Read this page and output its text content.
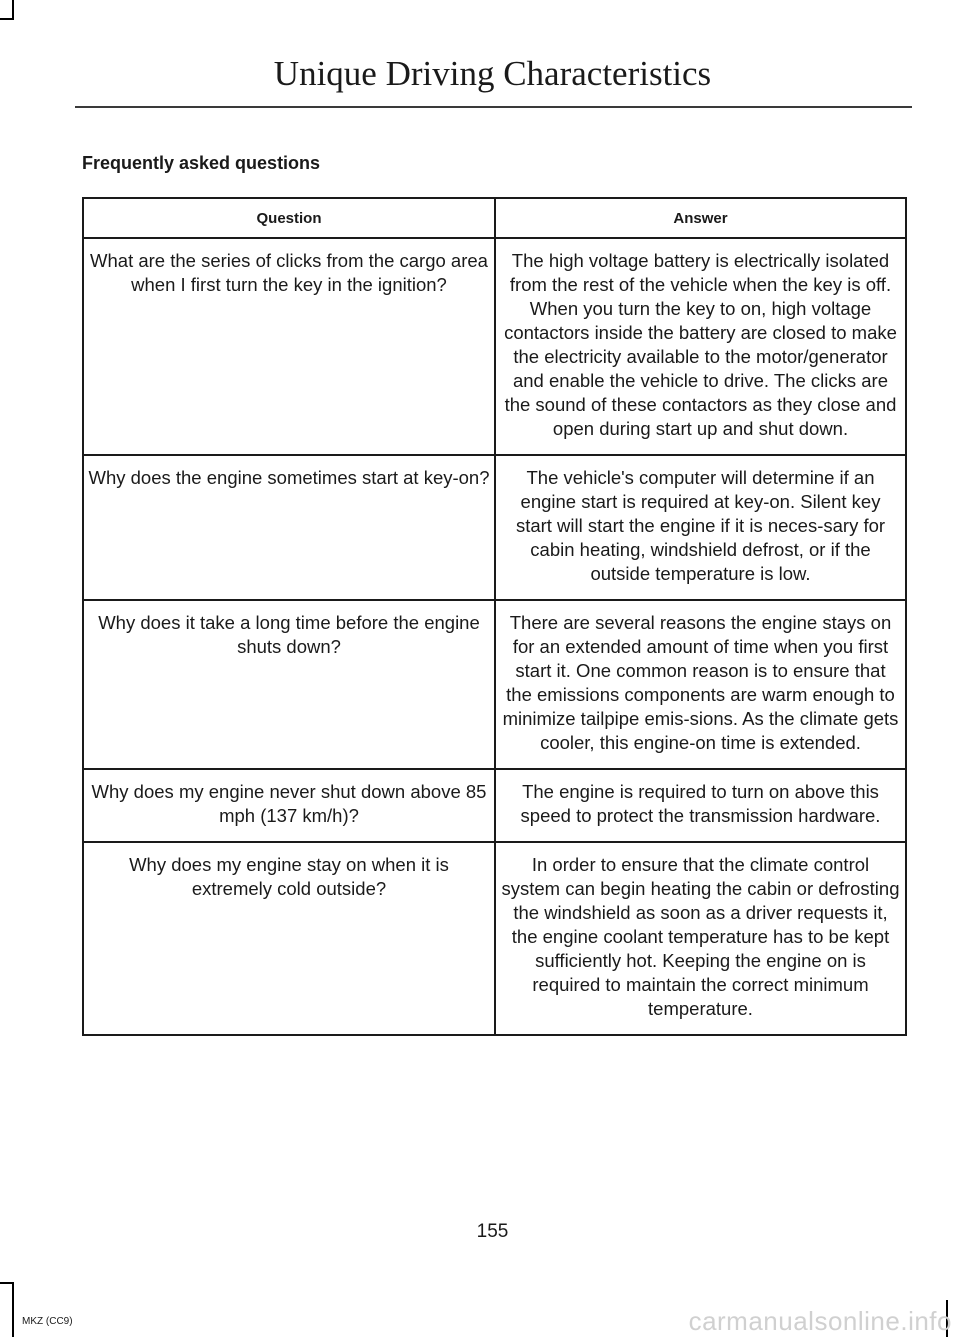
Unique Driving Characteristics
Frequently asked questions
Question	Answer
What are the series of clicks from the cargo area when I first turn the key in the ignition?	The high voltage battery is electrically isolated from the rest of the vehicle when the key is off. When you turn the key to on, high voltage contactors inside the battery are closed to make the electricity available to the motor/generator and enable the vehicle to drive. The clicks are the sound of these contactors as they close and open during start up and shut down.
Why does the engine sometimes start at key-on?	The vehicle's computer will determine if an engine start is required at key-on. Silent key start will start the engine if it is neces-sary for cabin heating, windshield defrost, or if the outside temperature is low.
Why does it take a long time before the engine shuts down?	There are several reasons the engine stays on for an extended amount of time when you first start it. One common reason is to ensure that the emissions components are warm enough to minimize tailpipe emis-sions. As the climate gets cooler, this engine-on time is extended.
Why does my engine never shut down above 85 mph (137 km/h)?	The engine is required to turn on above this speed to protect the transmission hardware.
Why does my engine stay on when it is extremely cold outside?	In order to ensure that the climate control system can begin heating the cabin or defrosting the windshield as soon as a driver requests it, the engine coolant temperature has to be kept sufficiently hot. Keeping the engine on is required to maintain the correct minimum temperature.
155
MKZ (CC9)	carmanualsonline.info
